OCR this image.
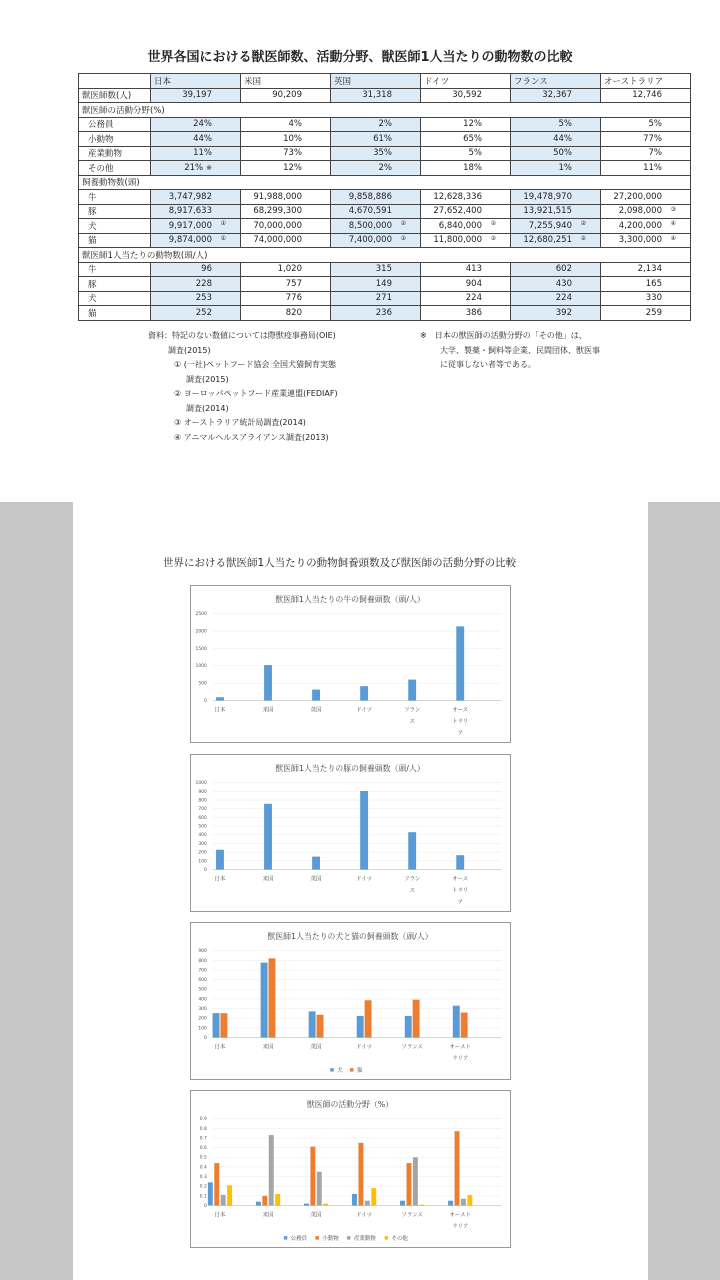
世界各国における獣医師数、活動分野、獣医師1人当たりの動物数の比較
	日本	米国	英国	ドイツ	フランス	オーストラリア
獣医師数(人)	39,197	90,209	31,318	30,592	32,367	12,746
獣医師の活動分野(%)						
公務員	24%	4%	2%	12%	5%	5%
小動物	44%	10%	61%	65%	44%	77%
産業動物	11%	73%	35%	5%	50%	7%
その他	21% ※	12%	2%	18%	1%	11%
飼養動物数(頭)						
牛	3,747,982	91,988,000	9,858,886	12,628,336	19,478,970	27,200,000
豚	8,917,633	68,299,300	4,670,591	27,652,400	13,921,515	2,098,000 ③

犬	9,917,000 ①	70,000,000	8,500,000 ②	6,840,000 ②	7,255,940 ②	4,200,000 ④

猫	9,874,000 ①	74,000,000	7,400,000 ②	11,800,000 ②	12,680,251 ②	3,300,000 ④

獣医師1人当たりの動物数(頭/人)						
牛	96	1,020	315	413	602	2,134
豚	228	757	149	904	430	165
犬	253	776	271	224	224	330
猫	252	820	236	386	392	259
資料：特記のない数値については際獣疫事務局(OIE)
調査(2015)
① (一社)ペットフード協会 全国犬猫飼育実態
調査(2015)
② ヨーロッパペットフード産業連盟(FEDIAF)
調査(2014)
③ オーストラリア統計局調査(2014)
④ アニマルヘルスアライアンス調査(2013)
※　日本の獣医師の活動分野の「その他」は、
大学、製薬・飼料等企業、民間団体、獣医事
に従事しない者等である。
世界における獣医師1人当たりの動物飼養頭数及び獣医師の活動分野の比較
獣医師1人当たりの牛の飼養頭数（頭/人）
0
500
1000
1500
2000
2500
日本	米国	英国	ドイツ	フラン
ス
オース
トラリ
ア
獣医師1人当たりの豚の飼養頭数（頭/人）
0
100
200
300
400
500
600
700
800
900
1000
日本	米国	英国	ドイツ	フラン
ス
オース
トラリ
ア
獣医師1人当たりの犬と猫の飼養頭数（頭/人）
0
100
200
300
400
500
600
700
800
900
日本	米国	英国	ドイツ	フランス	オースト
ラリア
犬	猫
獣医師の活動分野（%）
0
0.1
0.2
0.3
0.4
0.5
0.6
0.7
0.8
0.9
日本	米国	英国	ドイツ	フランス	オースト
ラリア
公務員	小動物	産業動物	その他
